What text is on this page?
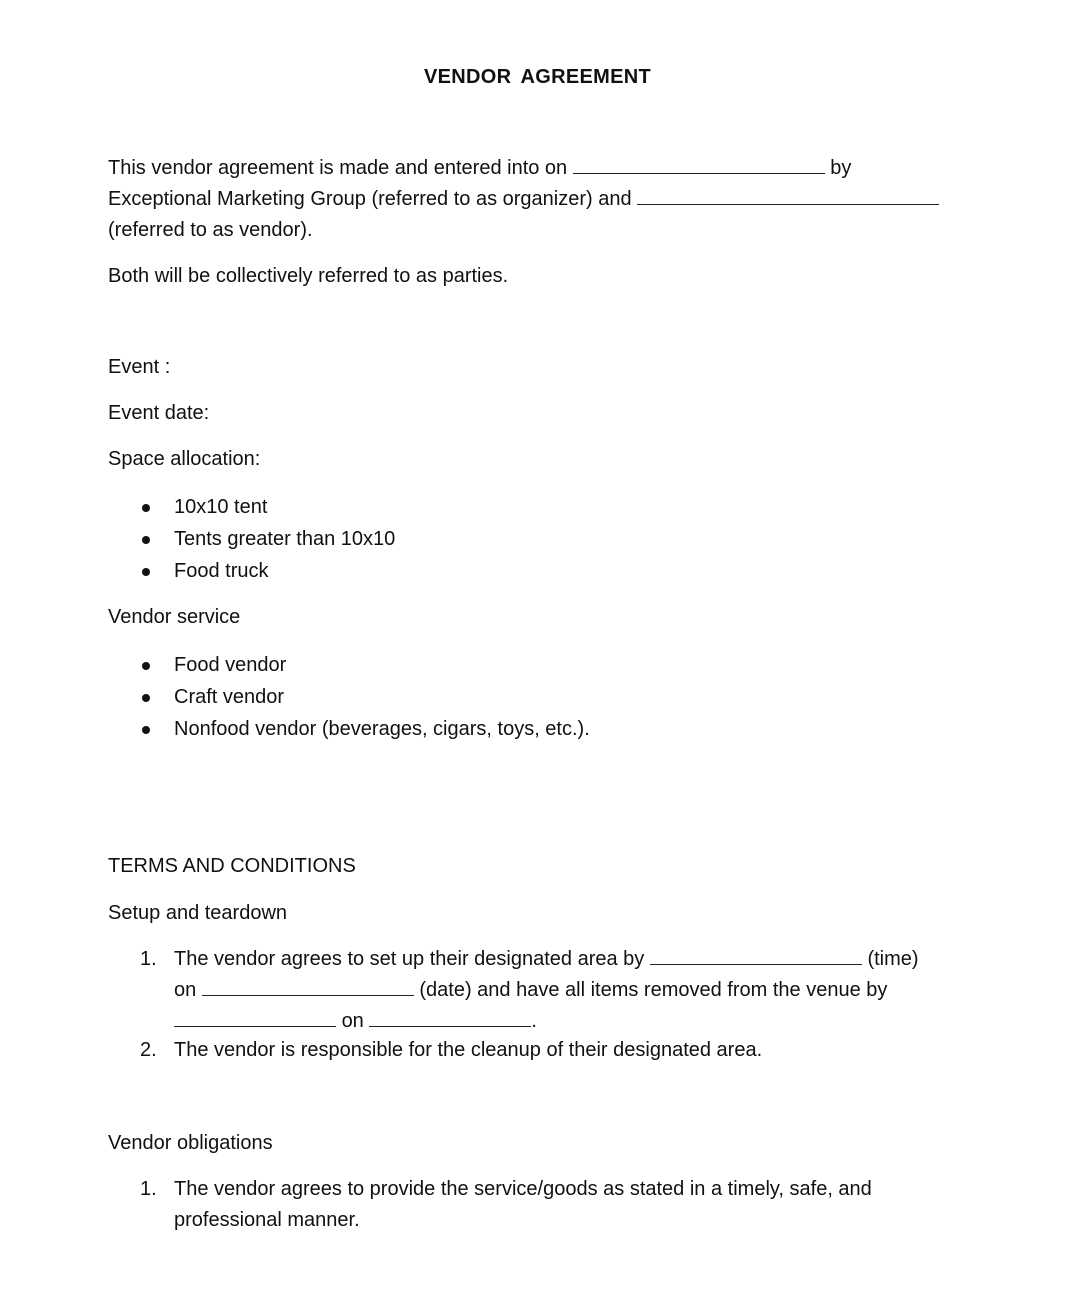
VENDOR AGREEMENT
This vendor agreement is made and entered into on	by
Exceptional Marketing Group (referred to as organizer) and
(referred to as vendor).
Both will be collectively referred to as parties.
Event :
Event date:
Space allocation:
10x10 tent
Tents greater than 10x10
Food truck
Vendor service
Food vendor
Craft vendor
Nonfood vendor (beverages, cigars, toys, etc.).
TERMS AND CONDITIONS
Setup and teardown
1. The vendor agrees to set up their designated area by	(time)
on	(date) and have all items removed from the venue by
on	.
2. The vendor is responsible for the cleanup of their designated area.
Vendor obligations
1. The vendor agrees to provide the service/goods as stated in a timely, safe, and
professional manner.
